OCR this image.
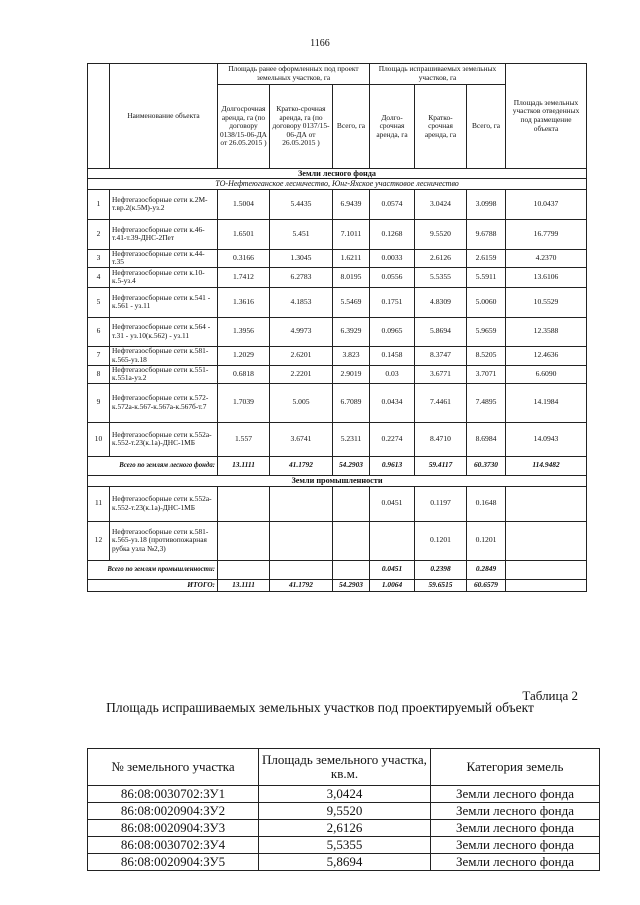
1166
	Наименование объекта	Площадь ранее оформленных под проект земельных участков, га			Площадь испрашиваемых земельных участков, га			Площадь земельных участков отведенных под размещение объекта
		Долгосрочная аренда, га (по договору 0138/15-06-ДА от 26.05.2015 )	Кратко-срочная аренда, га (по договору 0137/15-06-ДА от 26.05.2015 )	Всего, га	Долго-срочная аренда, га	Кратко-срочная аренда, га	Всего, га	
Земли лесного фонда								
ТО-Нефтеюганское лесничество, Юнг-Яхское участковое лесничество								
1	Нефтегазосборные сети к.2М-т.вр.2(к.5М)-уз.2	1.5004	5.4435	6.9439	0.0574	3.0424	3.0998	10.0437
2	Нефтегазосборные сети к.46-т.41-т.39-ДНС-2Пет	1.6501	5.451	7.1011	0.1268	9.5520	9.6788	16.7799
3	Нефтегазосборные сети к.44-т.35	0.3166	1.3045	1.6211	0.0033	2.6126	2.6159	4.2370
4	Нефтегазосборные сети к.10-к.5-уз.4	1.7412	6.2783	8.0195	0.0556	5.5355	5.5911	13.6106
5	Нефтегазосборные сети к.541 - к.561 - уз.11	1.3616	4.1853	5.5469	0.1751	4.8309	5.0060	10.5529
6	Нефтегазосборные сети к.564 - т.31 - уз.10(к.562) - уз.11	1.3956	4.9973	6.3929	0.0965	5.8694	5.9659	12.3588
7	Нефтегазосборные сети к.581-к.565-уз.18	1.2029	2.6201	3.823	0.1458	8.3747	8.5205	12.4636
8	Нефтегазосборные сети к.551-к.551а-уз.2	0.6818	2.2201	2.9019	0.03	3.6771	3.7071	6.6090
9	Нефтегазосборные сети к.572-к.572а-к.567-к.567а-к.567б-т.7	1.7039	5.005	6.7089	0.0434	7.4461	7.4895	14.1984
10	Нефтегазосборные сети к.552а-к.552-т.23(к.1а)-ДНС-1МБ	1.557	3.6741	5.2311	0.2274	8.4710	8.6984	14.0943
Всего по землям лесного фонда:		13.1111	41.1792	54.2903	0.9613	59.4117	60.3730	114.9482
Земли промышленности								
11	Нефтегазосборные сети к.552а-к.552-т.23(к.1а)-ДНС-1МБ				0.0451	0.1197	0.1648	
12	Нефтегазосборные сети к.581-к.565-уз.18 (противопожарная рубка узла №2,3)					0.1201	0.1201	
Всего по землям промышленности:					0.0451	0.2398	0.2849	
ИТОГО:		13.1111	41.1792	54.2903	1.0064	59.6515	60.6579	
Таблица 2
Площадь испрашиваемых земельных участков под проектируемый объект
№ земельного участка	Площадь земельного участка, кв.м.	Категория земель
86:08:0030702:ЗУ1	3,0424	Земли лесного фонда
86:08:0020904:ЗУ2	9,5520	Земли лесного фонда
86:08:0020904:ЗУ3	2,6126	Земли лесного фонда
86:08:0030702:ЗУ4	5,5355	Земли лесного фонда
86:08:0020904:ЗУ5	5,8694	Земли лесного фонда
